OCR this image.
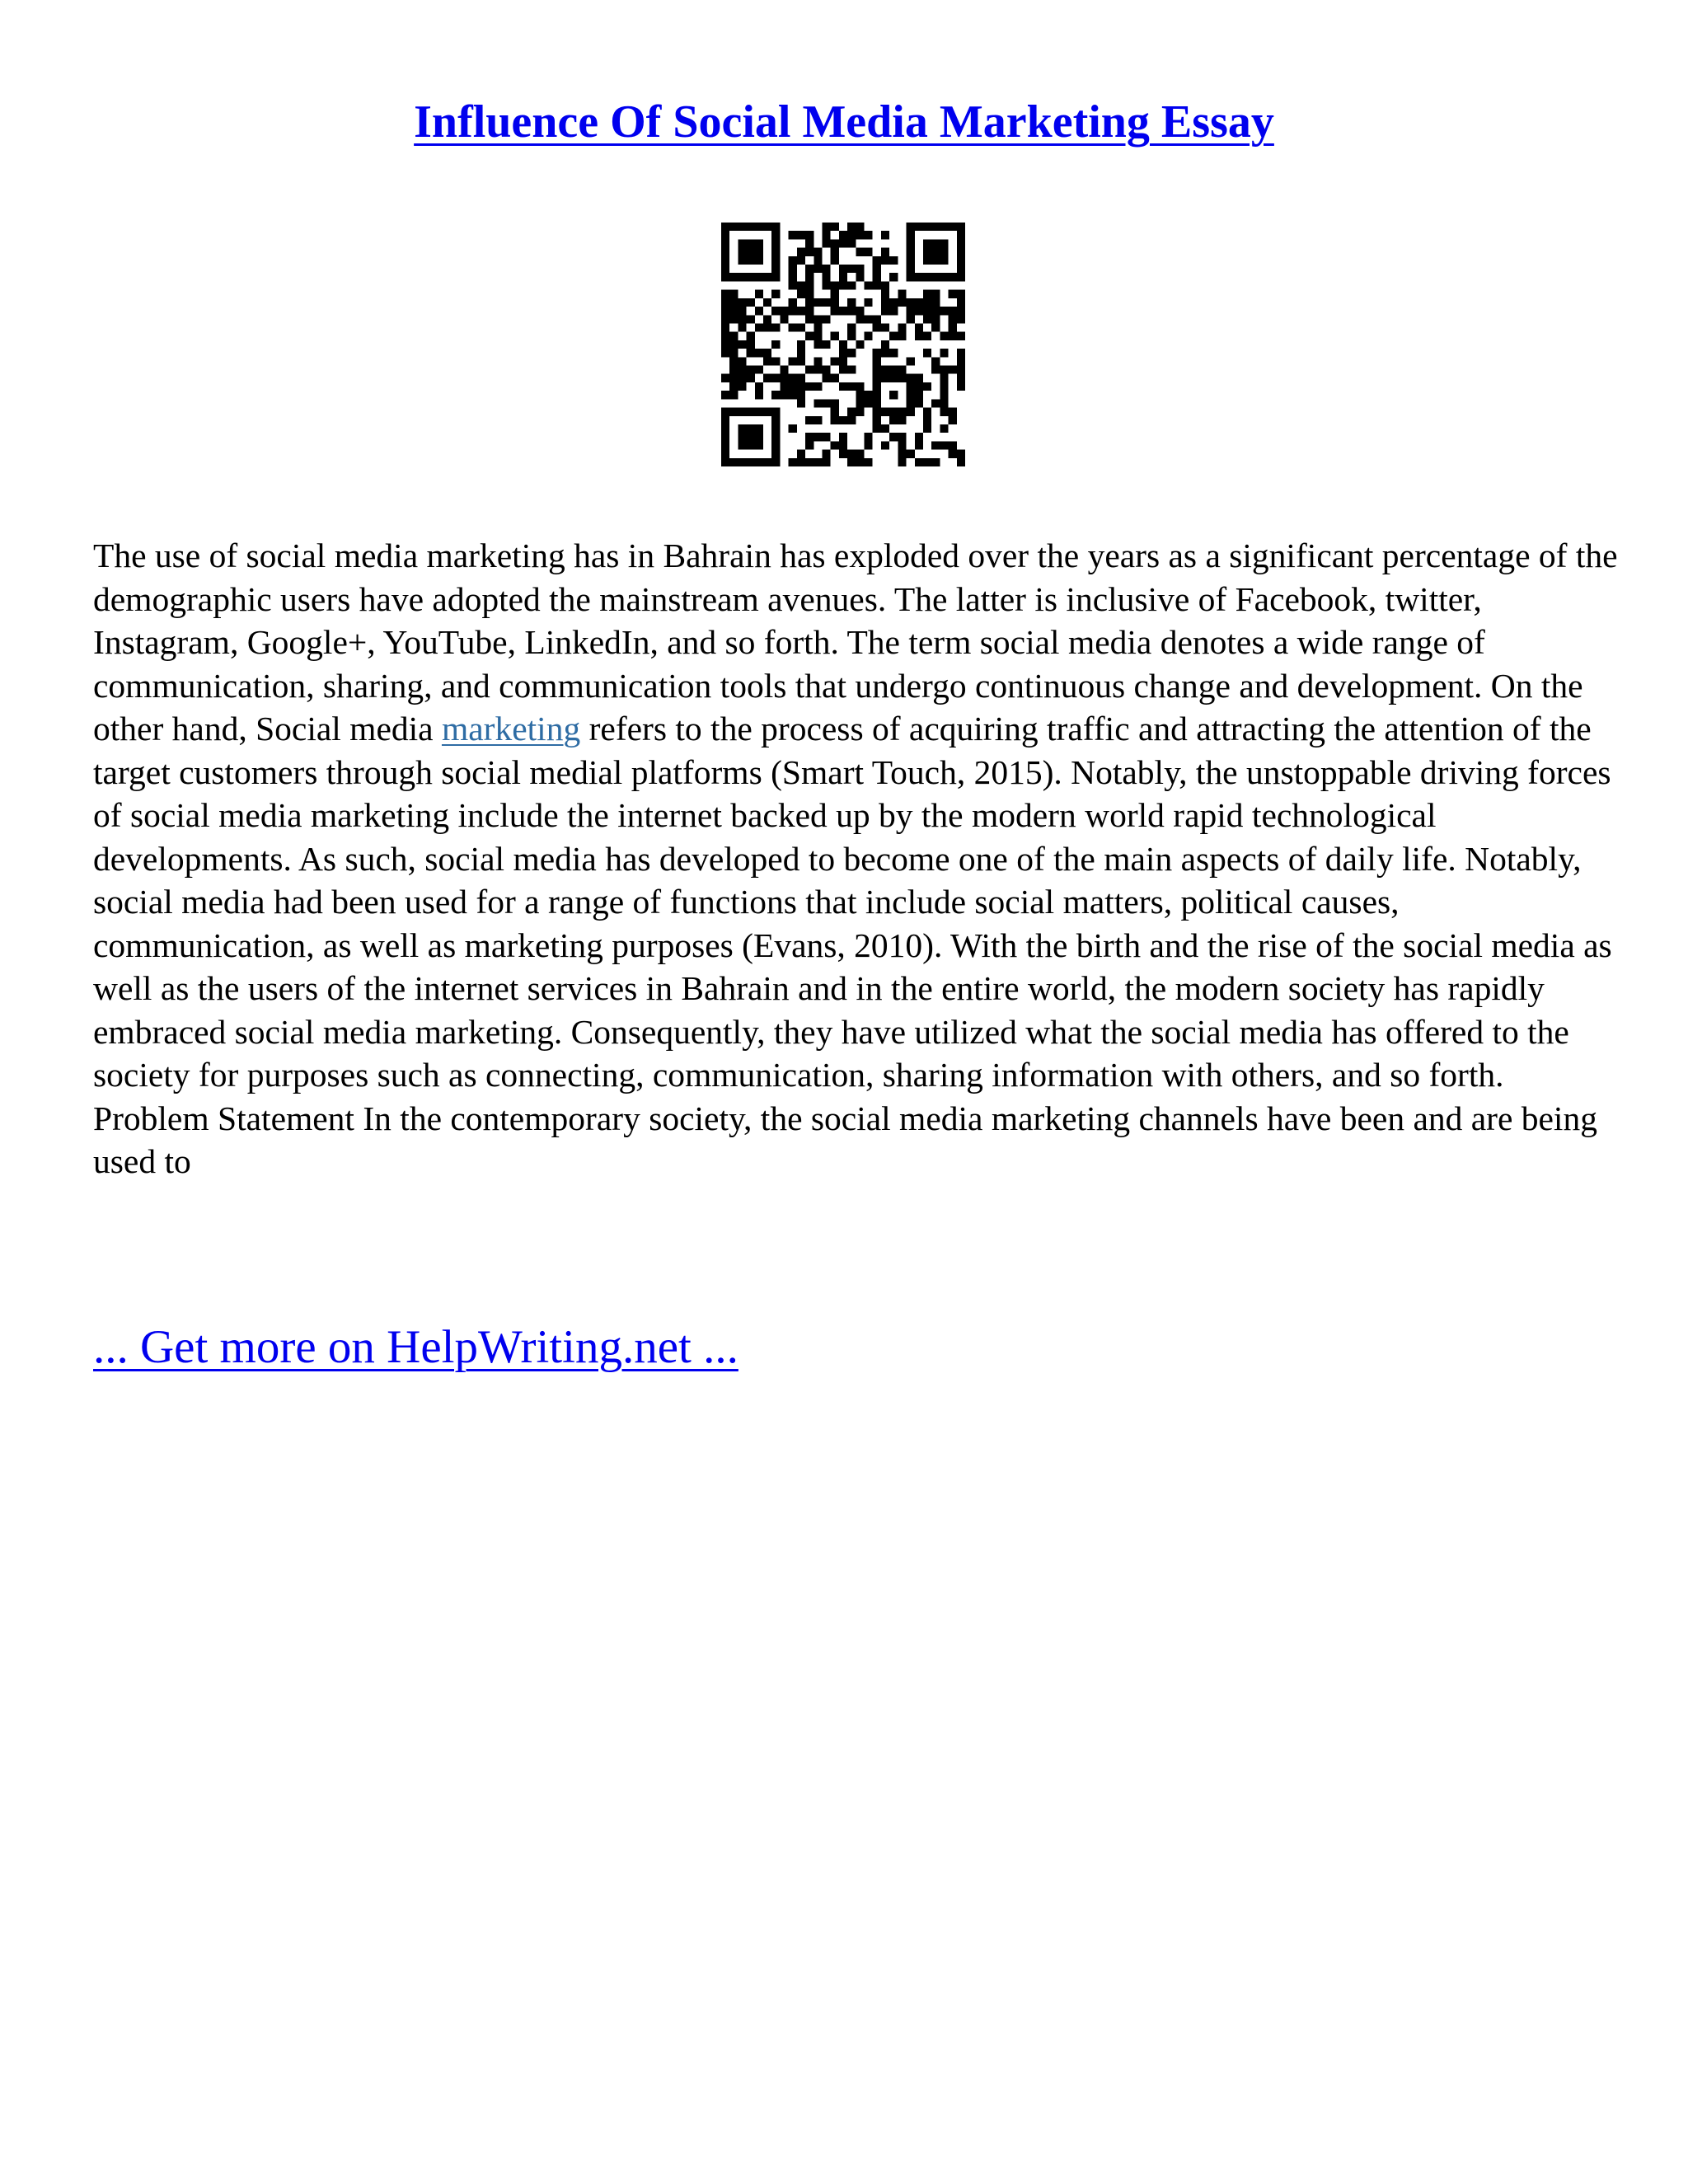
Influence Of Social Media Marketing Essay

The use of social media marketing has in Bahrain has exploded over the years as a significant percentage of the demographic users have adopted the mainstream avenues. The latter is inclusive of Facebook, twitter, Instagram, Google+, YouTube, LinkedIn, and so forth. The term social media denotes a wide range of communication, sharing, and communication tools that undergo continuous change and development. On the other hand, Social media marketing refers to the process of acquiring traffic and attracting the attention of the target customers through social medial platforms (Smart Touch, 2015). Notably, the unstoppable driving forces of social media marketing include the internet backed up by the modern world rapid technological developments. As such, social media has developed to become one of the main aspects of daily life. Notably, social media had been used for a range of functions that include social matters, political causes, communication, as well as marketing purposes (Evans, 2010). With the birth and the rise of the social media as well as the users of the internet services in Bahrain and in the entire world, the modern society has rapidly embraced social media marketing. Consequently, they have utilized what the social media has offered to the society for purposes such as connecting, communication, sharing information with others, and so forth.

Problem Statement In the contemporary society, the social media marketing channels have been and are being used to

... Get more on HelpWriting.net ...
